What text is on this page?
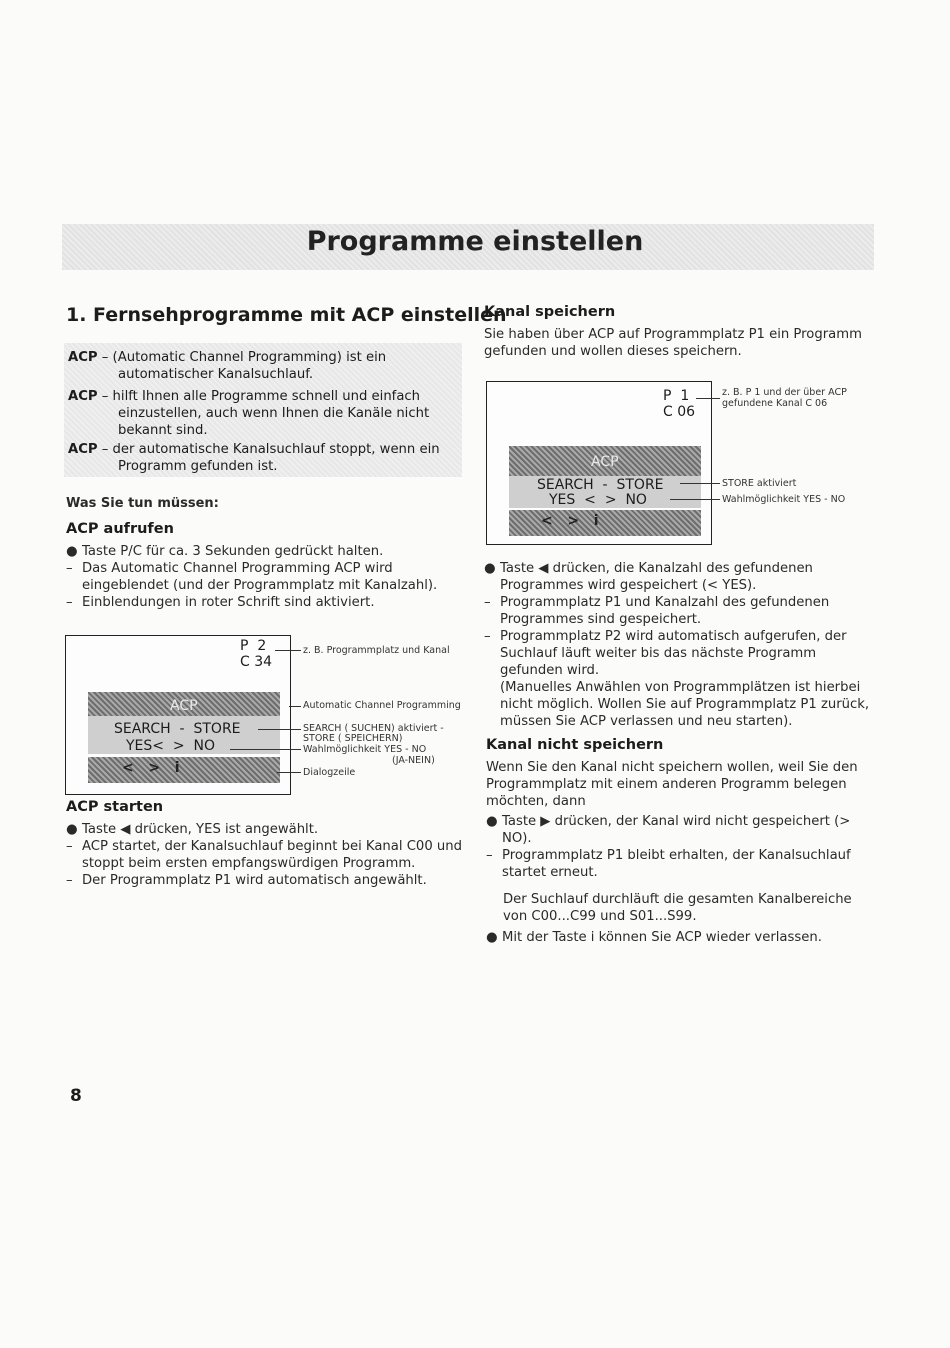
Programme einstellen
1. Fernsehprogramme mit ACP einstellen
ACP – (Automatic Channel Programming) ist ein automatischer Kanalsuchlauf.
ACP – hilft Ihnen alle Programme schnell und einfach einzustellen, auch wenn Ihnen die Kanäle nicht bekannt sind.
ACP – der automatische Kanalsuchlauf stoppt, wenn ein Programm gefunden ist.
Was Sie tun müssen:
ACP aufrufen
● Taste P/C für ca. 3 Sekunden gedrückt halten.
– Das Automatic Channel Programming ACP wird eingeblendet (und der Programmplatz mit Kanalzahl).
– Einblendungen in roter Schrift sind aktiviert.
P  2
C 34
ACP
SEARCH  -  STORE
YES<  >  NO
<   >   i
z. B. Programmplatz und Kanal
Automatic Channel Programming
SEARCH ( SUCHEN) aktiviert -
STORE ( SPEICHERN)
Wahlmöglichkeit YES - NO
(JA-NEIN)
Dialogzeile
ACP starten
● Taste ◀ drücken, YES ist angewählt.
– ACP startet, der Kanalsuchlauf beginnt bei Kanal C00 und stoppt beim ersten empfangswürdigen Programm.
– Der Programmplatz P1 wird automatisch angewählt.
Kanal speichern
Sie haben über ACP auf Programmplatz P1 ein Programm gefunden und wollen dieses speichern.
P  1
C 06
ACP
SEARCH  -  STORE
YES  <  >  NO
<   >   i
z. B. P 1 und der über ACP
gefundene Kanal C 06
STORE aktiviert
Wahlmöglichkeit YES - NO
● Taste ◀ drücken, die Kanalzahl des gefundenen Programmes wird gespeichert (< YES).
– Programmplatz P1 und Kanalzahl des gefundenen Programmes sind gespeichert.
– Programmplatz P2 wird automatisch aufgerufen, der Suchlauf läuft weiter bis das nächste Programm gefunden wird.
(Manuelles Anwählen von Programmplätzen ist hierbei nicht möglich. Wollen Sie auf Programmplatz P1 zurück, müssen Sie ACP verlassen und neu starten).
Kanal nicht speichern
Wenn Sie den Kanal nicht speichern wollen, weil Sie den Programmplatz mit einem anderen Programm belegen möchten, dann
● Taste ▶ drücken, der Kanal wird nicht gespeichert (> NO).
– Programmplatz P1 bleibt erhalten, der Kanalsuchlauf startet erneut.
Der Suchlauf durchläuft die gesamten Kanalbereiche von C00...C99 und S01...S99.
● Mit der Taste i können Sie ACP wieder verlassen.
8
